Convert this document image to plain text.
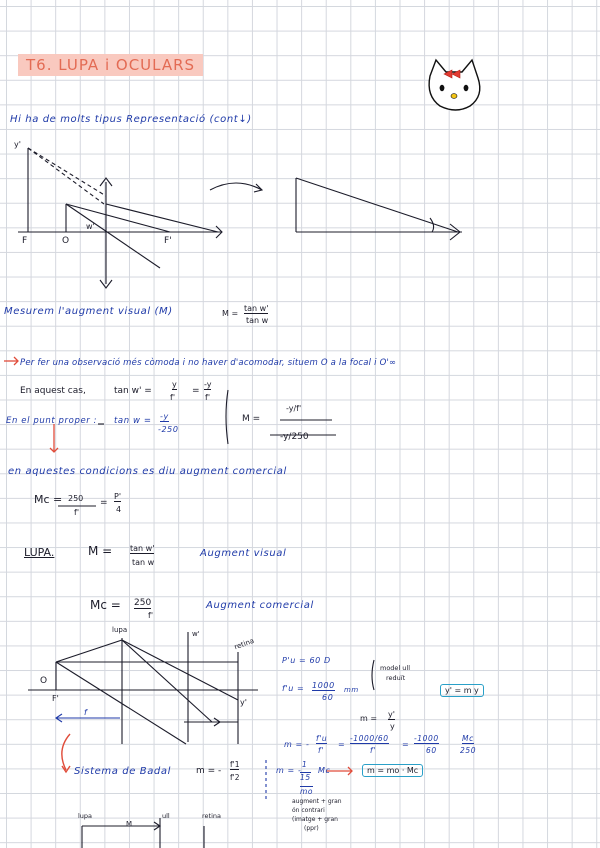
T6. LUPA i OCULARS
Hi ha de molts tipus Representació (cont↓)
F	O	F'
y'
w'
Mesurem l'augment visual (M)	M =
tan w'
tan w
Per fer una observació més còmoda i no haver d'acomodar, situem O a la focal i O'∞
En aquest cas,	tan w' =
y
f'
=
-y
f'
En el punt proper : tan w = -y
-250
M =
-y/f'
-y/250
en aquestes condicions es diu augment comercial
Mc = 250
f'
=
P'
4
LUPA.	M = tan w'
tan w
Augment visual
Mc = 250
f'
Augment comercial
lupa
retina
O
F'
f
y'
w'
P'u = 60 D
model ull
reduït
f'u = 1000
60
mm	y' = m y
m = y'
y
m = -
f'u
f'
=
-1000/60
f'
=
-1000
60
Mc
250
Sistema de Badal	m = -
f'1
f'2
m = -
1
15
mo
Mc	m = mo · Mc
augment + gran
ón contrari
(imatge + gran
(ppr)
lupa
M
ull	retina
